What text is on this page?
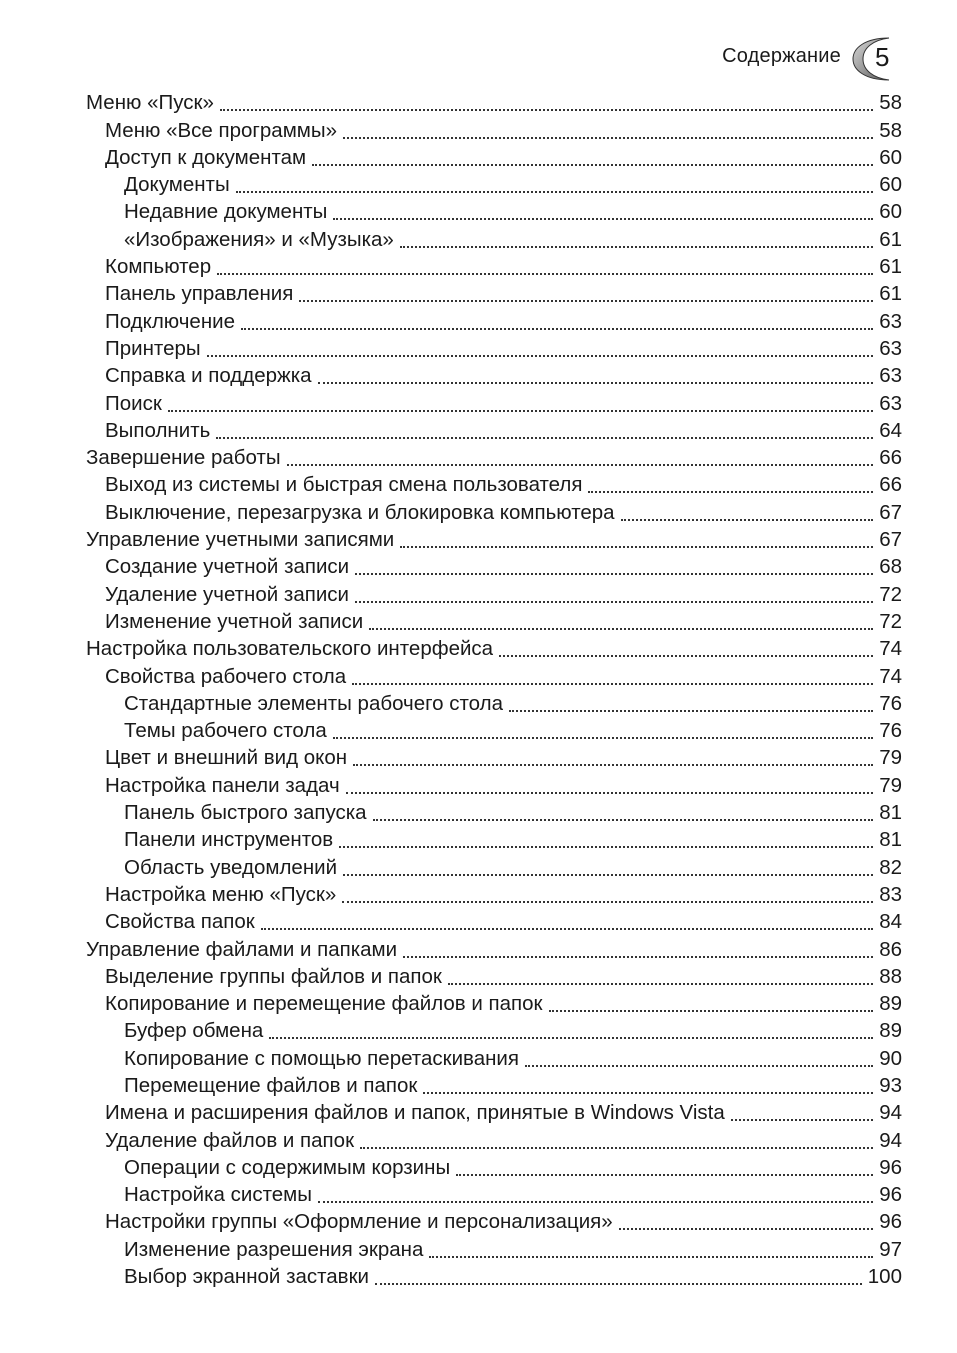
Содержание 5
Меню «Пуск»	58
Меню «Все программы»	58
Доступ к документам	60
Документы	60
Недавние документы	60
«Изображения» и «Музыка»	61
Компьютер	61
Панель управления	61
Подключение	63
Принтеры	63
Справка и поддержка	63
Поиск	63
Выполнить	64
Завершение работы	66
Выход из системы и быстрая смена пользователя	66
Выключение, перезагрузка и блокировка компьютера	67
Управление учетными записями	67
Создание учетной записи	68
Удаление учетной записи	72
Изменение учетной записи	72
Настройка пользовательского интерфейса	74
Свойства рабочего стола	74
Стандартные элементы рабочего стола	76
Темы рабочего стола	76
Цвет и внешний вид окон	79
Настройка панели задач	79
Панель быстрого запуска	81
Панели инструментов	81
Область уведомлений	82
Настройка меню «Пуск»	83
Свойства папок	84
Управление файлами и папками	86
Выделение группы файлов и папок	88
Копирование и перемещение файлов и папок	89
Буфер обмена	89
Копирование с помощью перетаскивания	90
Перемещение файлов и папок	93
Имена и расширения файлов и папок, принятые в Windows Vista	94
Удаление файлов и папок	94
Операции с содержимым корзины	96
Настройка системы	96
Настройки группы «Оформление и персонализация»	96
Изменение разрешения экрана	97
Выбор экранной заставки	100
